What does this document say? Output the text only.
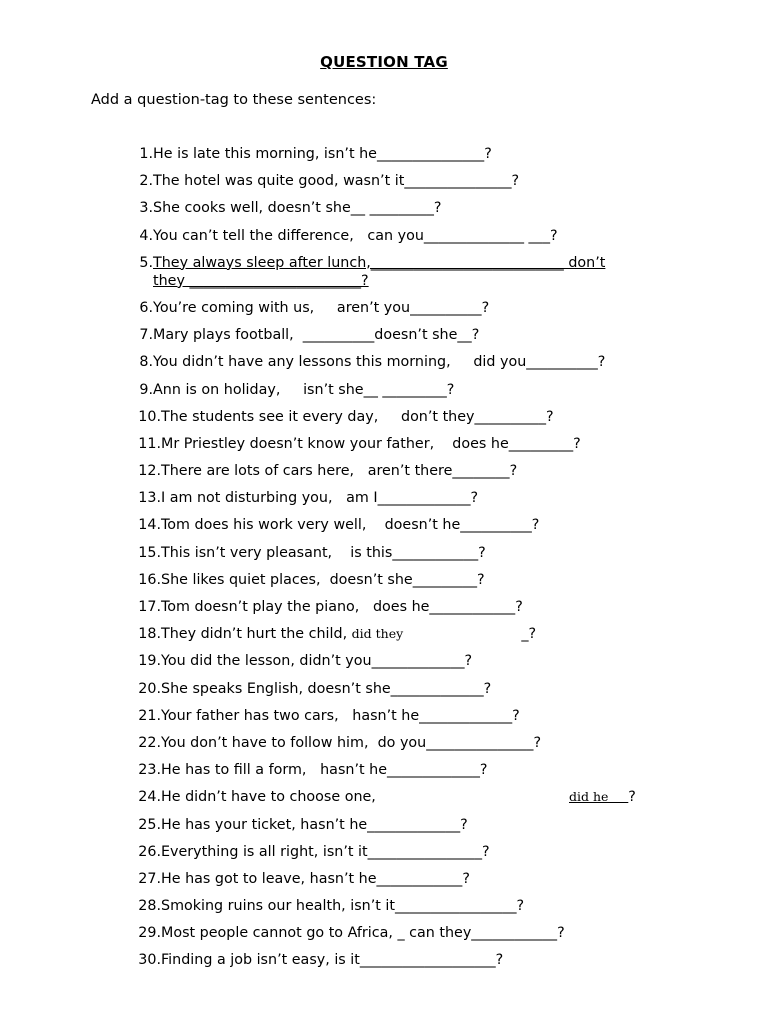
QUESTION TAG
Add a question-tag to these sentences:
1. He is late this morning, isn’t he_______________?
2. The hotel was quite good, wasn’t it_______________?
3. She cooks well, doesn’t she__ _________?
4. You can’t tell the difference,   can you______________ ___?
5. They always sleep after lunch,___________________________ don’t
they ________________________?
6. You’re coming with us,     aren’t you__________?
7. Mary plays football,  __________doesn’t she__?
8. You didn’t have any lessons this morning,     did you__________?
9. Ann is on holiday,     isn’t she__ _________?
10. The students see it every day,     don’t they__________?
11. Mr Priestley doesn’t know your father,    does he_________?
12. There are lots of cars here,   aren’t there________?
13. I am not disturbing you,   am I_____________?
14. Tom does his work very well,    doesn’t he__________?
15. This isn’t very pleasant,    is this____________?
16. She likes quiet places,  doesn’t she_________?
17. Tom doesn’t play the piano,   does he____________?
18. They didn’t hurt the child, did they                          _?
19. You did the lesson, didn’t you_____________?
20. She speaks English, doesn’t she_____________?
21. Your father has two cars,   hasn’t he_____________?
22. You don’t have to follow him,  do you_______________?
23. He has to fill a form,   hasn’t he_____________?
24. He didn’t have to choose one,	did he     ?
25. He has your ticket, hasn’t he_____________?
26. Everything is all right, isn’t it________________?
27. He has got to leave, hasn’t he____________?
28. Smoking ruins our health, isn’t it_________________?
29. Most people cannot go to Africa, _ can they____________?
30. Finding a job isn’t easy, is it___________________?
